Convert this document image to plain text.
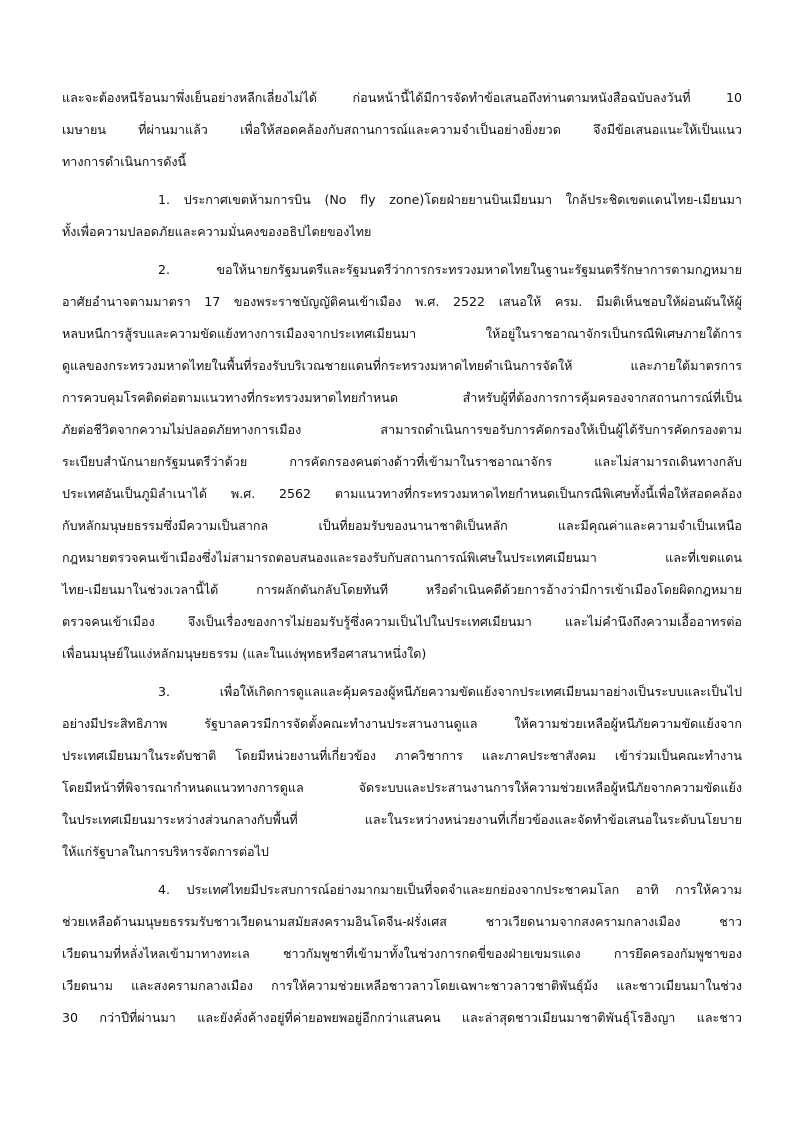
และจะต้องหนีร้อนมาพึ่งเย็นอย่างหลีกเลี่ยงไม่ได้ ก่อนหน้านี้ได้มีการจัดทำข้อเสนอถึงท่านตามหนังสือฉบับลงวันที่ 10
เมษายน ที่ผ่านมาแล้ว เพื่อให้สอดคล้องกับสถานการณ์และความจำเป็นอย่างยิ่งยวด จึงมีข้อเสนอแนะให้เป็นแนว
ทางการดำเนินการดังนี้
1. ประกาศเขตห้ามการบิน (No fly zone)โดยฝ่ายยานบินเมียนมา ใกล้ประชิดเขตแดนไทย-เมียนมา
ทั้งเพื่อความปลอดภัยและความมั่นคงของอธิปไตยของไทย
2. ขอให้นายกรัฐมนตรีและรัฐมนตรีว่าการกระทรวงมหาดไทยในฐานะรัฐมนตรีรักษาการตามกฎหมาย
อาศัยอำนาจตามมาตรา 17 ของพระราชบัญญัติคนเข้าเมือง พ.ศ. 2522 เสนอให้ ครม. มีมติเห็นชอบให้ผ่อนผันให้ผู้
หลบหนีการสู้รบและความขัดแย้งทางการเมืองจากประเทศเมียนมา ให้อยู่ในราชอาณาจักรเป็นกรณีพิเศษภายใต้การ
ดูแลของกระทรวงมหาดไทยในพื้นที่รองรับบริเวณชายแดนที่กระทรวงมหาดไทยดำเนินการจัดให้ และภายใต้มาตรการ
การควบคุมโรคติดต่อตามแนวทางที่กระทรวงมหาดไทยกำหนด สำหรับผู้ที่ต้องการการคุ้มครองจากสถานการณ์ที่เป็น
ภัยต่อชีวิตจากความไม่ปลอดภัยทางการเมือง สามารถดำเนินการขอรับการคัดกรองให้เป็นผู้ได้รับการคัดกรองตาม
ระเบียบสำนักนายกรัฐมนตรีว่าด้วย การคัดกรองคนต่างด้าวที่เข้ามาในราชอาณาจักร และไม่สามารถเดินทางกลับ
ประเทศอันเป็นภูมิลำเนาได้ พ.ศ. 2562 ตามแนวทางที่กระทรวงมหาดไทยกำหนดเป็นกรณีพิเศษทั้งนี้เพื่อให้สอดคล้อง
กับหลักมนุษยธรรมซึ่งมีความเป็นสากล เป็นที่ยอมรับของนานาชาติเป็นหลัก และมีคุณค่าและความจำเป็นเหนือ
กฎหมายตรวจคนเข้าเมืองซึ่งไม่สามารถตอบสนองและรองรับกับสถานการณ์พิเศษในประเทศเมียนมา และที่เขตแดน
ไทย-เมียนมาในช่วงเวลานี้ได้ การผลักดันกลับโดยทันที หรือดำเนินคดีด้วยการอ้างว่ามีการเข้าเมืองโดยผิดกฎหมาย
ตรวจคนเข้าเมือง จึงเป็นเรื่องของการไม่ยอมรับรู้ซึ่งความเป็นไปในประเทศเมียนมา และไม่คำนึงถึงความเอื้ออาทรต่อ
เพื่อนมนุษย์ในแง่หลักมนุษยธรรม (และในแง่พุทธหรือศาสนาหนึ่งใด)
3. เพื่อให้เกิดการดูแลและคุ้มครองผู้หนีภัยความขัดแย้งจากประเทศเมียนมาอย่างเป็นระบบและเป็นไป
อย่างมีประสิทธิภาพ รัฐบาลควรมีการจัดตั้งคณะทำงานประสานงานดูแล ให้ความช่วยเหลือผู้หนีภัยความขัดแย้งจาก
ประเทศเมียนมาในระดับชาติ โดยมีหน่วยงานที่เกี่ยวข้อง ภาควิชาการ และภาคประชาสังคม เข้าร่วมเป็นคณะทำงาน
โดยมีหน้าที่พิจารณากำหนดแนวทางการดูแล จัดระบบและประสานงานการให้ความช่วยเหลือผู้หนีภัยจากความขัดแย้ง
ในประเทศเมียนมาระหว่างส่วนกลางกับพื้นที่ และในระหว่างหน่วยงานที่เกี่ยวข้องและจัดทำข้อเสนอในระดับนโยบาย
ให้แก่รัฐบาลในการบริหารจัดการต่อไป
4. ประเทศไทยมีประสบการณ์อย่างมากมายเป็นที่จดจำและยกย่องจากประชาคมโลก อาทิ การให้ความ
ช่วยเหลือด้านมนุษยธรรมรับชาวเวียดนามสมัยสงครามอินโดจีน-ฝรั่งเศส ชาวเวียดนามจากสงครามกลางเมือง ชาว
เวียดนามที่หลั่งไหลเข้ามาทางทะเล ชาวกัมพูชาที่เข้ามาทั้งในช่วงการกดขี่ของฝ่ายเขมรแดง การยึดครองกัมพูชาของ
เวียดนาม และสงครามกลางเมือง การให้ความช่วยเหลือชาวลาวโดยเฉพาะชาวลาวชาติพันธุ์ม้ง และชาวเมียนมาในช่วง
30 กว่าปีที่ผ่านมา และยังคั่งค้างอยู่ที่ค่ายอพยพอยู่อีกกว่าแสนคน และล่าสุดชาวเมียนมาชาติพันธุ์โรฮิงญา และชาว
